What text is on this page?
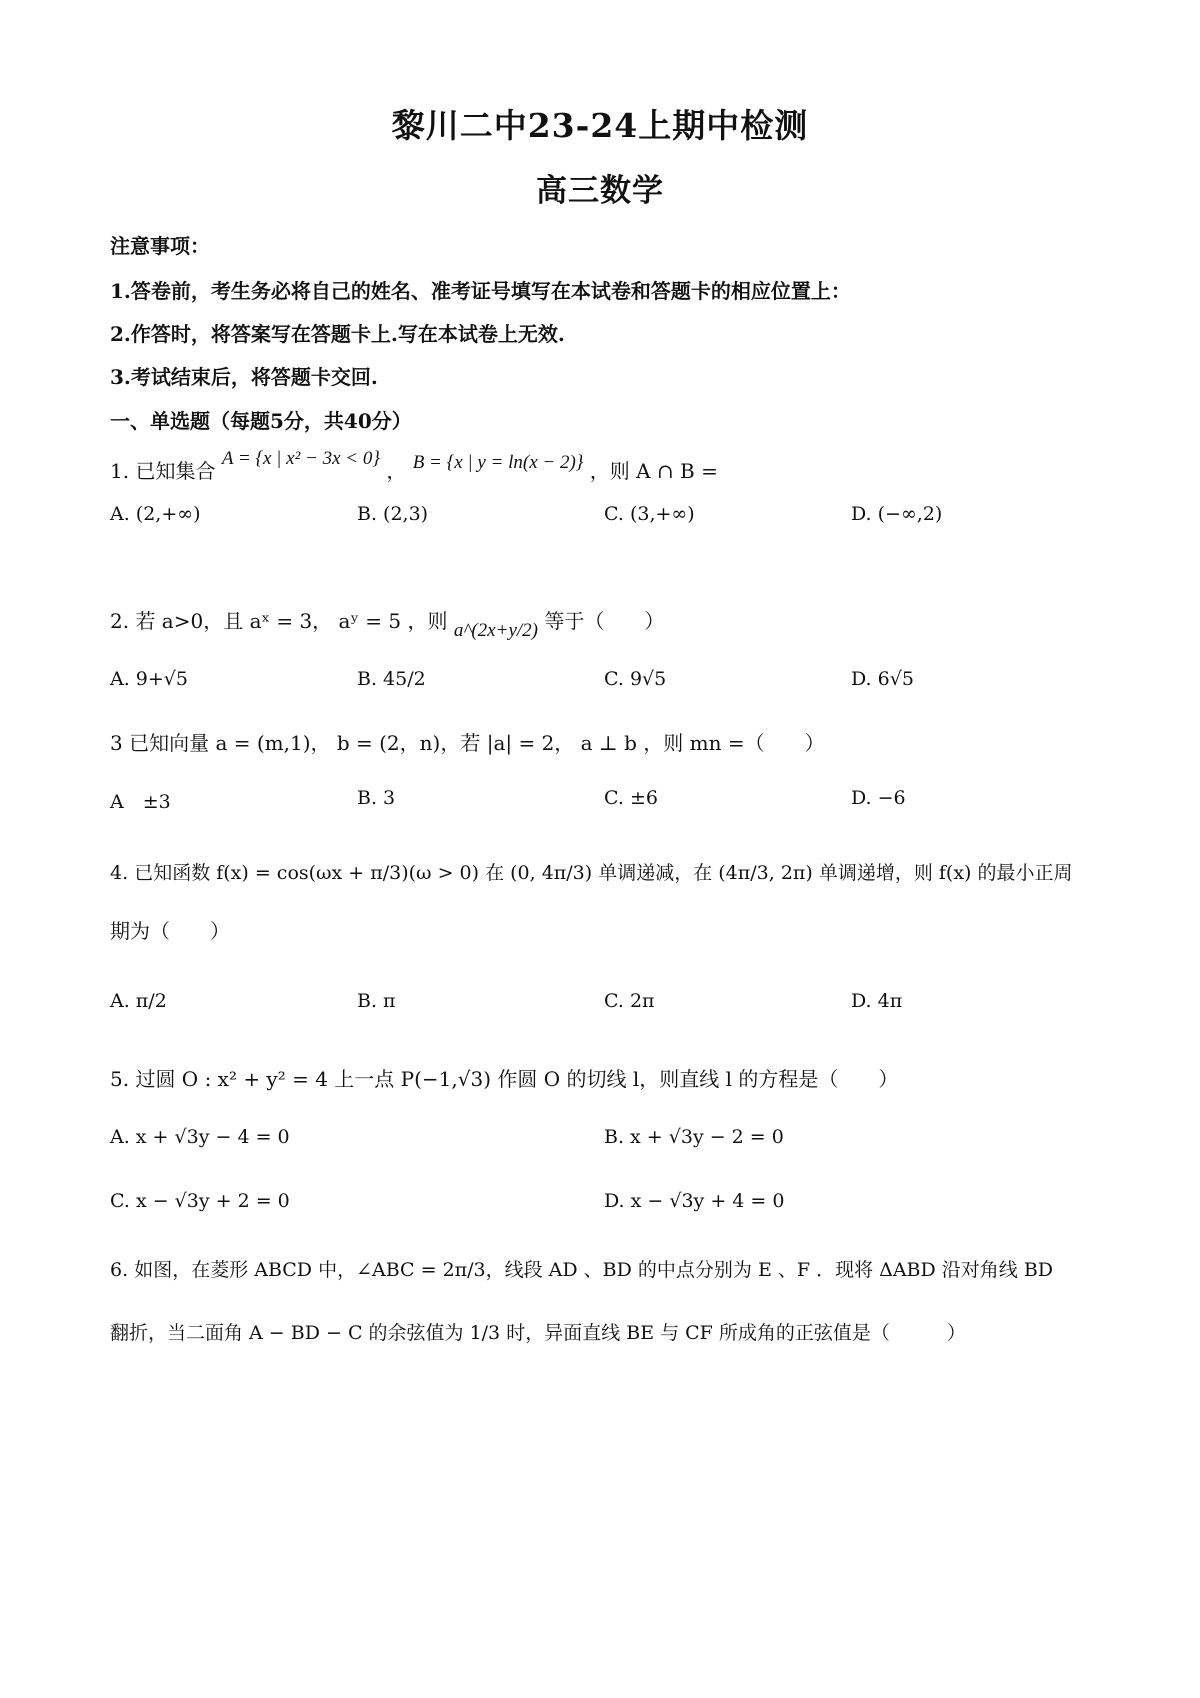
黎川二中23-24上期中检测
高三数学
注意事项：
1.答卷前，考生务必将自己的姓名、准考证号填写在本试卷和答题卡的相应位置上：
2.作答时，将答案写在答题卡上.写在本试卷上无效.
3.考试结束后，将答题卡交回.
一、单选题（每题5分，共40分）
1. 已知集合 A = {x | x² − 3x < 0} ， B = {x | y = ln(x − 2)} ，则 A ∩ B =
A. (2,+∞)	B. (2,3)	C. (3,+∞)	D. (−∞,2)
2. 若 a>0，且 aˣ = 3， aʸ = 5 ，则 a^(2x+y/2) 等于（　　）
A. 9+√5	B. 45/2	C. 9√5	D. 6√5
3 已知向量 a = (m,1)， b = (2，n)，若 |a| = 2， a ⊥ b ，则 mn =（　　）
A　±3	B. 3	C. ±6	D. −6
4. 已知函数 f(x) = cos(ωx + π/3)(ω > 0) 在 (0, 4π/3) 单调递减，在 (4π/3, 2π) 单调递增，则 f(x) 的最小正周
期为（　　）
A. π/2	B. π	C. 2π	D. 4π
5. 过圆 O : x² + y² = 4 上一点 P(−1,√3) 作圆 O 的切线 l，则直线 l 的方程是（　　）
A. x + √3y − 4 = 0	B. x + √3y − 2 = 0
C. x − √3y + 2 = 0	D. x − √3y + 4 = 0
6. 如图，在菱形 ABCD 中，∠ABC = 2π/3，线段 AD 、BD 的中点分别为 E 、F ．现将 ΔABD 沿对角线 BD
翻折，当二面角 A − BD − C 的余弦值为 1/3 时，异面直线 BE 与 CF 所成角的正弦值是（　　　）
